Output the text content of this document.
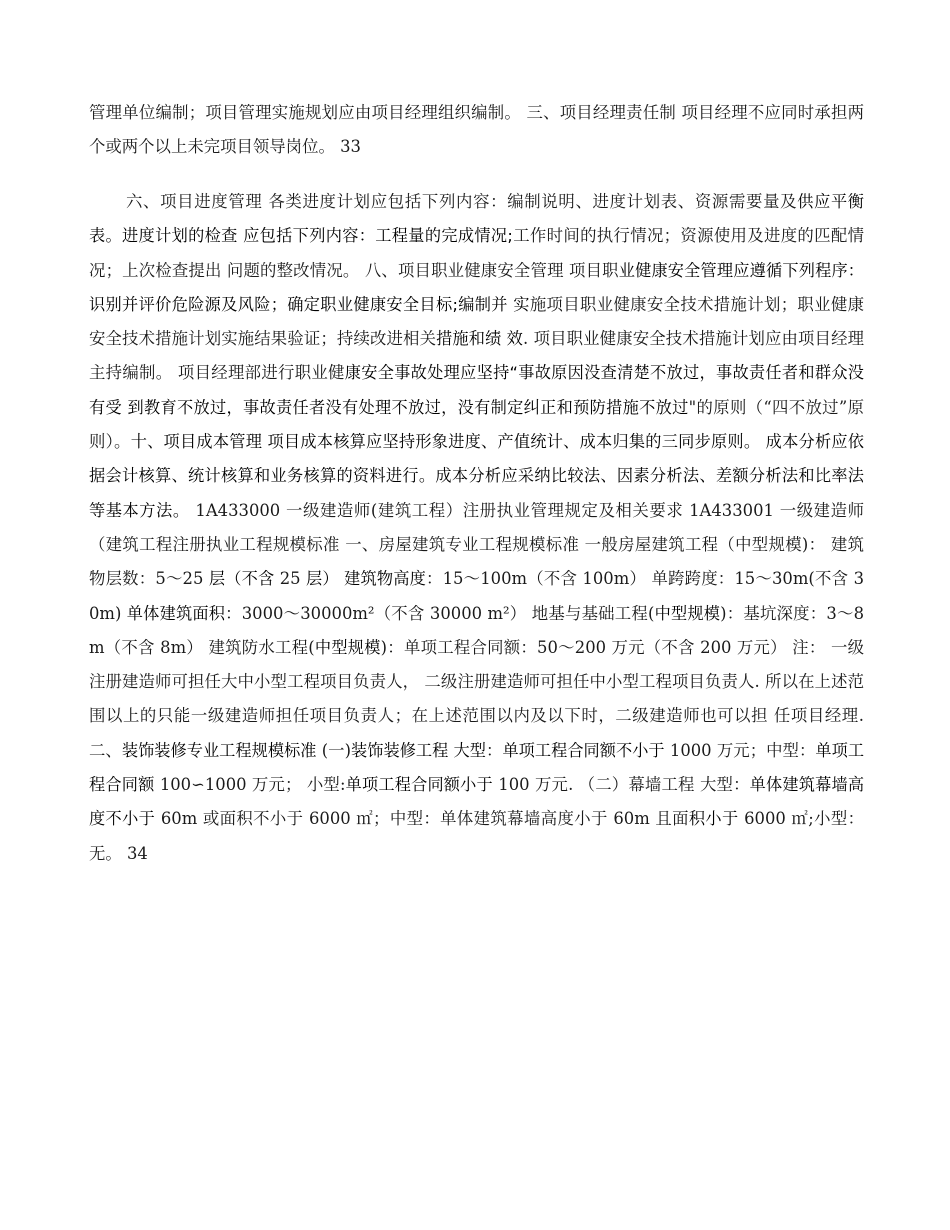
管理单位编制；项目管理实施规划应由项目经理组织编制。 三、项目经理责任制 项目经理不应同时承担两个或两个以上未完项目领导岗位。 33

六、项目进度管理 各类进度计划应包括下列内容：编制说明、进度计划表、资源需要量及供应平衡表。进度计划的检查 应包括下列内容：工程量的完成情况;工作时间的执行情况；资源使用及进度的匹配情况；上次检查提出 问题的整改情况。 八、项目职业健康安全管理 项目职业健康安全管理应遵循下列程序：识别并评价危险源及风险；确定职业健康安全目标;编制并 实施项目职业健康安全技术措施计划；职业健康安全技术措施计划实施结果验证；持续改进相关措施和绩 效. 项目职业健康安全技术措施计划应由项目经理主持编制。 项目经理部进行职业健康安全事故处理应坚持“事故原因没查清楚不放过，事故责任者和群众没有受 到教育不放过，事故责任者没有处理不放过，没有制定纠正和预防措施不放过"的原则（“四不放过”原 则）。十、项目成本管理 项目成本核算应坚持形象进度、产值统计、成本归集的三同步原则。 成本分析应依据会计核算、统计核算和业务核算的资料进行。成本分析应采纳比较法、因素分析法、差额分析法和比率法等基本方法。 1A433000 一级建造师(建筑工程）注册执业管理规定及相关要求 1A433001 一级建造师（建筑工程注册执业工程规模标准 一、房屋建筑专业工程规模标准 一般房屋建筑工程（中型规模)： 建筑物层数：5～25 层（不含 25 层） 建筑物高度：15～100m（不含 100m） 单跨跨度：15～30m(不含 30m) 单体建筑面积：3000～30000m²（不含 30000 m²） 地基与基础工程(中型规模)：基坑深度：3～8m（不含 8m） 建筑防水工程(中型规模)：单项工程合同额：50～200 万元（不含 200 万元） 注： 一级注册建造师可担任大中小型工程项目负责人， 二级注册建造师可担任中小型工程项目负责人. 所以在上述范围以上的只能一级建造师担任项目负责人；在上述范围以内及以下时，二级建造师也可以担 任项目经理. 二、装饰装修专业工程规模标准 (一)装饰装修工程 大型：单项工程合同额不小于 1000 万元；中型：单项工程合同额 100∽1000 万元； 小型:单项工程合同额小于 100 万元. （二）幕墙工程 大型：单体建筑幕墙高度不小于 60m 或面积不小于 6000 ㎡；中型：单体建筑幕墙高度小于 60m 且面积小于 6000 ㎡;小型：无。 34
